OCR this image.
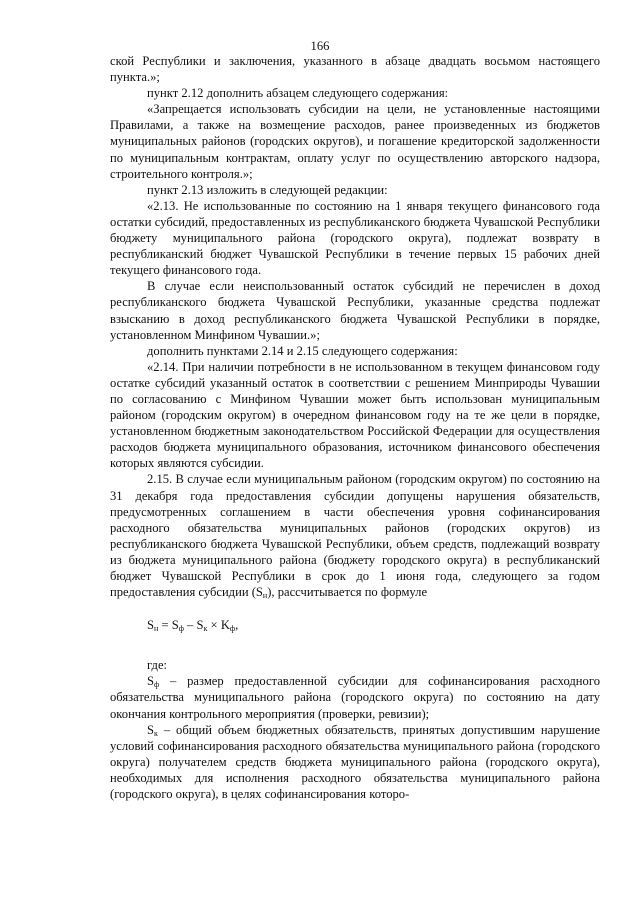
166

ской Республики и заключения, указанного в абзаце двадцать восьмом настоящего пункта.»;

пункт 2.12 дополнить абзацем следующего содержания:

«Запрещается использовать субсидии на цели, не установленные настоящими Правилами, а также на возмещение расходов, ранее произведенных из бюджетов муниципальных районов (городских округов), и погашение кредиторской задолженности по муниципальным контрактам, оплату услуг по осуществлению авторского надзора, строительного контроля.»;

пункт 2.13 изложить в следующей редакции:

«2.13. Не использованные по состоянию на 1 января текущего финансового года остатки субсидий, предоставленных из республиканского бюджета Чувашской Республики бюджету муниципального района (городского округа), подлежат возврату в республиканский бюджет Чувашской Республики в течение первых 15 рабочих дней текущего финансового года.

В случае если неиспользованный остаток субсидий не перечислен в доход республиканского бюджета Чувашской Республики, указанные средства подлежат взысканию в доход республиканского бюджета Чувашской Республики в порядке, установленном Минфином Чувашии.»;

дополнить пунктами 2.14 и 2.15 следующего содержания:

«2.14. При наличии потребности в не использованном в текущем финансовом году остатке субсидий указанный остаток в соответствии с решением Минприроды Чувашии по согласованию с Минфином Чувашии может быть использован муниципальным районом (городским округом) в очередном финансовом году на те же цели в порядке, установленном бюджетным законодательством Российской Федерации для осуществления расходов бюджета муниципального образования, источником финансового обеспечения которых являются субсидии.

2.15. В случае если муниципальным районом (городским округом) по состоянию на 31 декабря года предоставления субсидии допущены нарушения обязательств, предусмотренных соглашением в части обеспечения уровня софинансирования расходного обязательства муниципальных районов (городских округов) из республиканского бюджета Чувашской Республики, объем средств, подлежащий возврату из бюджета муниципального района (бюджету городского округа) в республиканский бюджет Чувашской Республики в срок до 1 июня года, следующего за годом предоставления субсидии $(S_н)$, рассчитывается по формуле

$S_н = S_ф - S_к \times K_ф$,

где:

$S_ф$ – размер предоставленной субсидии для софинансирования расходного обязательства муниципального района (городского округа) по состоянию на дату окончания контрольного мероприятия (проверки, ревизии);

$S_к$ – общий объем бюджетных обязательств, принятых допустившим нарушение условий софинансирования расходного обязательства муниципального района (городского округа) получателем средств бюджета муниципального района (городского округа), необходимых для исполнения расходного обязательства муниципального района (городского округа), в целях софинансирования которо-
